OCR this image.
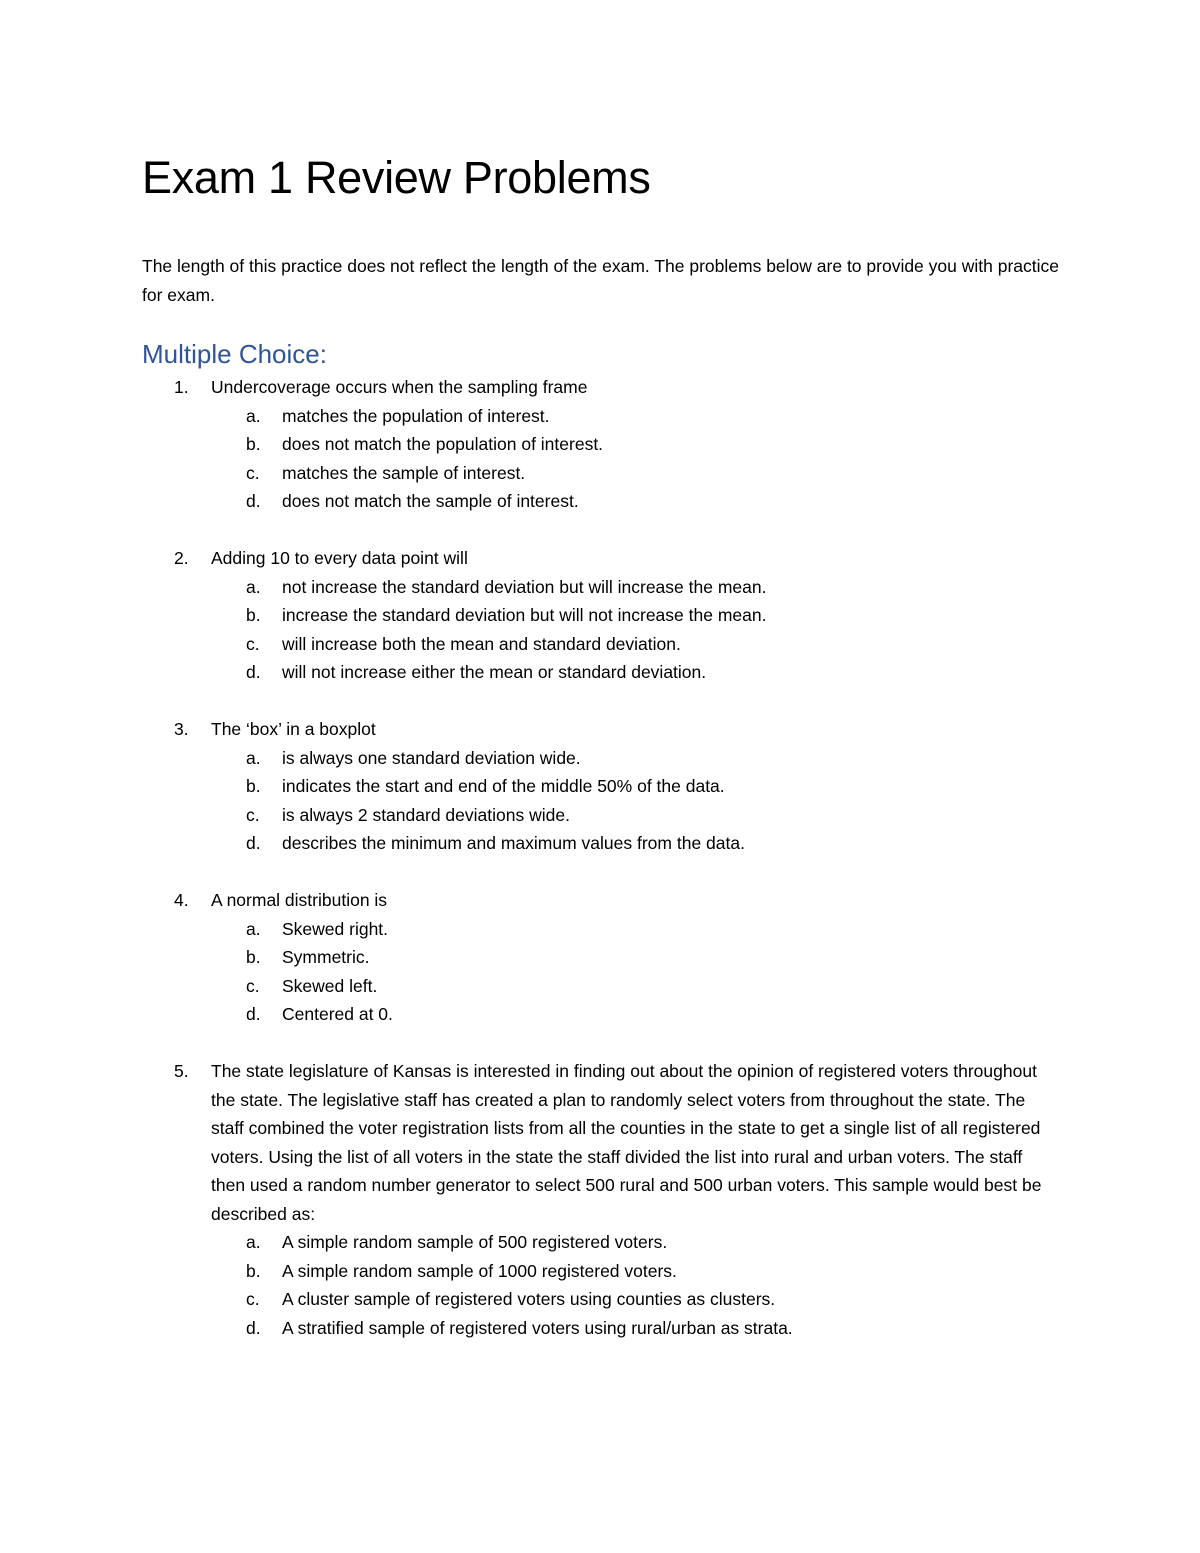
Exam 1 Review Problems

The length of this practice does not reflect the length of the exam. The problems below are to provide you with practice for exam.

Multiple Choice:
1. Undercoverage occurs when the sampling frame
a. matches the population of interest.
b. does not match the population of interest.
c. matches the sample of interest.
d. does not match the sample of interest.
2. Adding 10 to every data point will
a. not increase the standard deviation but will increase the mean.
b. increase the standard deviation but will not increase the mean.
c. will increase both the mean and standard deviation.
d. will not increase either the mean or standard deviation.
3. The ‘box’ in a boxplot
a. is always one standard deviation wide.
b. indicates the start and end of the middle 50% of the data.
c. is always 2 standard deviations wide.
d. describes the minimum and maximum values from the data.
4. A normal distribution is
a. Skewed right.
b. Symmetric.
c. Skewed left.
d. Centered at 0.
5. The state legislature of Kansas is interested in finding out about the opinion of registered voters throughout the state. The legislative staff has created a plan to randomly select voters from throughout the state. The staff combined the voter registration lists from all the counties in the state to get a single list of all registered voters. Using the list of all voters in the state the staff divided the list into rural and urban voters. The staff then used a random number generator to select 500 rural and 500 urban voters. This sample would best be described as:
a. A simple random sample of 500 registered voters.
b. A simple random sample of 1000 registered voters.
c. A cluster sample of registered voters using counties as clusters.
d. A stratified sample of registered voters using rural/urban as strata.
